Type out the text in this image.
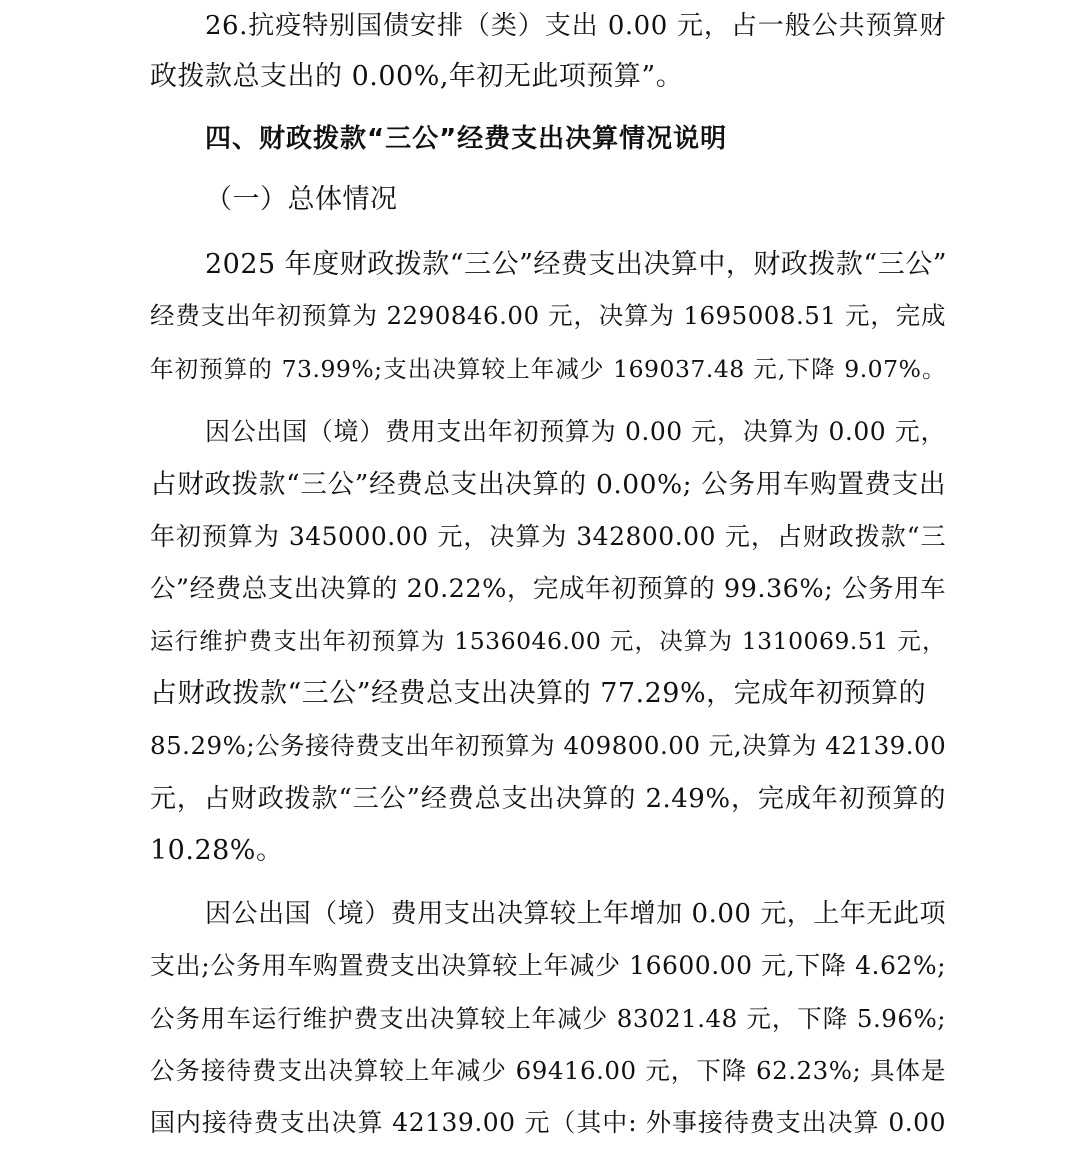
26.抗疫特别国债安排（类）支出 0.00 元，占一般公共预算财
政拨款总支出的 0.00%,年初无此项预算”。
四、财政拨款“三公”经费支出决算情况说明
（一）总体情况
2025 年度财政拨款“三公”经费支出决算中，财政拨款“三公”
经费支出年初预算为 2290846.00 元，决算为 1695008.51 元，完成
年初预算的 73.99%;支出决算较上年减少 169037.48 元,下降 9.07%。
因公出国（境）费用支出年初预算为 0.00 元，决算为 0.00 元，
占财政拨款“三公”经费总支出决算的 0.00%; 公务用车购置费支出
年初预算为 345000.00 元，决算为 342800.00 元，占财政拨款“三
公”经费总支出决算的 20.22%，完成年初预算的 99.36%; 公务用车
运行维护费支出年初预算为 1536046.00 元，决算为 1310069.51 元，
占财政拨款“三公”经费总支出决算的 77.29%，完成年初预算的
85.29%;公务接待费支出年初预算为 409800.00 元,决算为 42139.00
元，占财政拨款“三公”经费总支出决算的 2.49%，完成年初预算的
10.28%。
因公出国（境）费用支出决算较上年增加 0.00 元，上年无此项
支出;公务用车购置费支出决算较上年减少 16600.00 元,下降 4.62%;
公务用车运行维护费支出决算较上年减少 83021.48 元，下降 5.96%;
公务接待费支出决算较上年减少 69416.00 元，下降 62.23%; 具体是
国内接待费支出决算 42139.00 元（其中: 外事接待费支出决算 0.00
